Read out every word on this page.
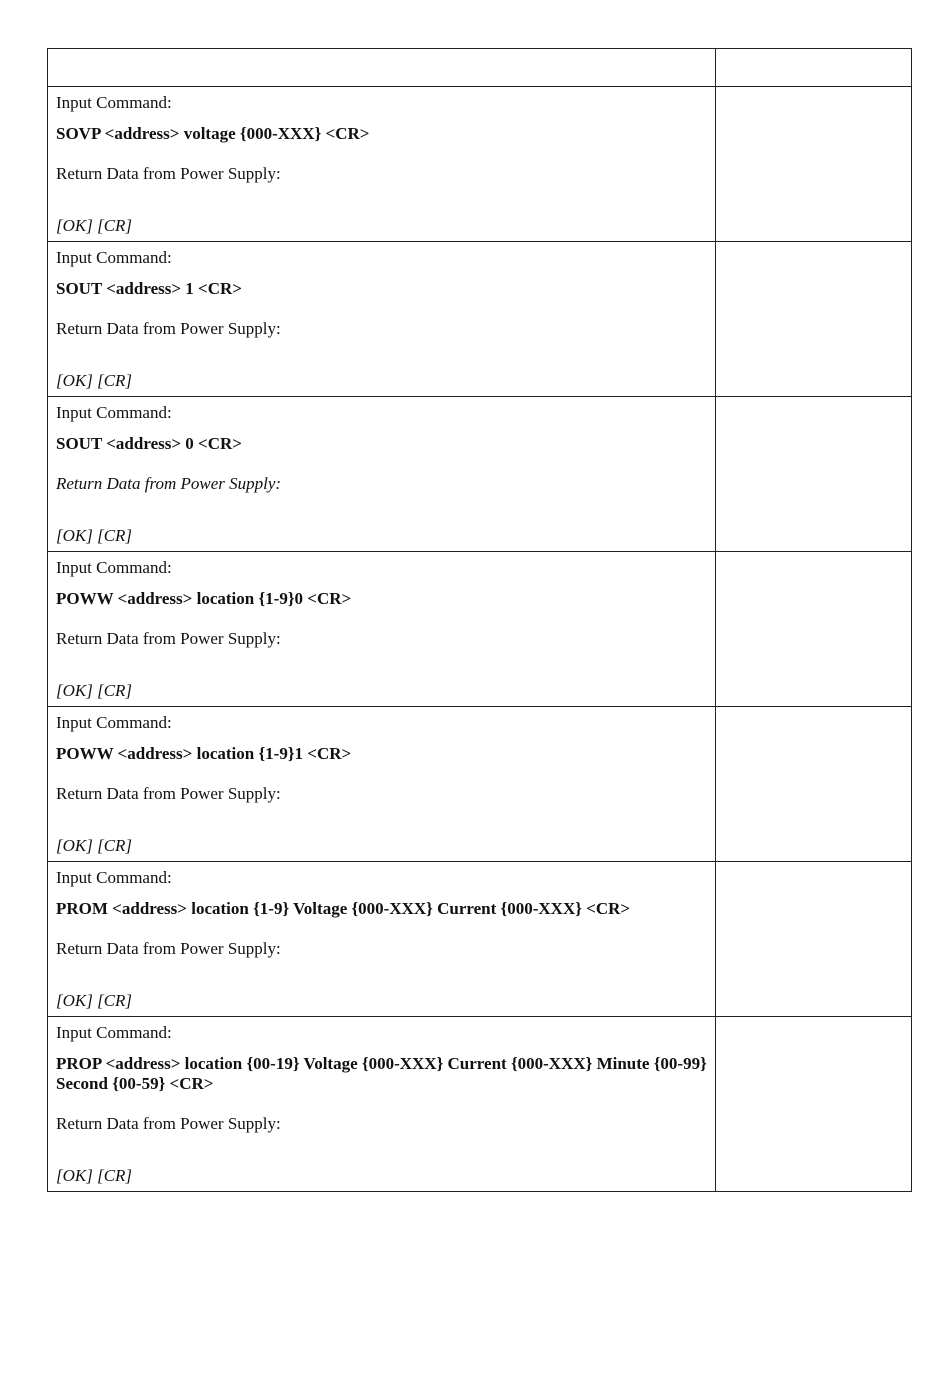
Input Command:

SOVP <address> voltage {000-XXX} <CR>

Return Data from Power Supply:

[OK] [CR]	

Input Command:

SOUT <address> 1 <CR>

Return Data from Power Supply:

[OK] [CR]	

Input Command:

SOUT <address> 0 <CR>

Return Data from Power Supply:

[OK] [CR]	

Input Command:

POWW <address> location {1-9}0 <CR>

Return Data from Power Supply:

[OK] [CR]	

Input Command:

POWW <address> location {1-9}1 <CR>

Return Data from Power Supply:

[OK] [CR]	

Input Command:

PROM <address> location {1-9} Voltage {000-XXX} Current {000-XXX} <CR>

Return Data from Power Supply:

[OK] [CR]	

Input Command:

PROP <address> location {00-19} Voltage {000-XXX} Current {000-XXX} Minute {00-99} Second {00-59} <CR>

Return Data from Power Supply:

[OK] [CR]	
